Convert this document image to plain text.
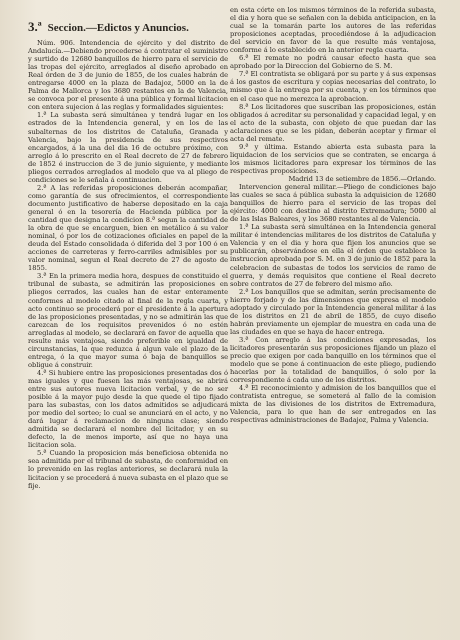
3.ª Seccion.—Edictos y Anuncios.

Núm. 906. Intendencia de ejército y del distrito de Andalucía.—Debiendo procederse á contratar el suministro y surtido de 12680 banquillos de hierro para el servicio de las tropas del ejército, arreglados al diseño aprobado en Real órden de 3 de junio de 1855, de los cuales habrán de entregarse 4000 en la plaza de Badajoz, 5000 en la de Palma de Mallorca y los 3680 restantes en la de Valencia, se convoca por el presente á una pública y formal licitacion con entera sujecion á las reglas y formalidades siguientes:

1.ª La subasta será simultánea y tendrá lugar en los estrados de la Intendencia general, y en los de las subalternas de los distritos de Cataluña, Granada y Valencia, bajo la presidencia de sus respectivos encargados, á la una del dia 16 de octubre próximo, con arreglo á lo prescrito en el Real decreto de 27 de febrero de 1852 é instruccion de 3 de junio siguiente, y mediante pliegos cerrados arreglados al modelo que va al pliego de condiciones se le señala á continuacion.

2.ª A las referidas proposiciones deberán acompañar, como garantía de sus ofrecimientos, el correspondiente documento justificativo de haberse depositado en la caja general ó en la tesorería de Hacienda pública por la cantidad que designa la condicion 8.ª segun la cantidad de la obra de que se encarguen, bien en metálico á su valor nominal, ó por los de cotizaciones oficiales en papel de la deuda del Estado consolidada ó diferida del 3 por 100 ó en acciones de carreteras y ferro-carriles admisibles por su valor nominal, segun el Real decreto de 27 de agosto de 1855.

3.ª En la primera media hora, despues de constituido el tribunal de subasta, se admitirán las proposiciones en pliegos cerrados, las cuales han de estar enteramente conformes al modelo citado al final de la regla cuarta, y acto continuo se procederá por el presidente á la apertura de las proposiciones presentadas, y no se admitirán las que carezcan de los requisitos prevenidos ó no estén arregladas al modelo, se declarará en favor de aquella que resulte más ventajosa, siendo preferible en igualdad de circunstancias, la que reduzca á algun vale el plazo de la entrega, ó la que mayor suma ó baja de banquillos se obligue á construir.

4.ª Si hubiere entre las proposiciones presentadas dos ó mas iguales y que fuesen las más ventajosas, se abrirá entre sus autores nueva licitacion verbal, y de no ser posible á la mayor pujo desde la que quede el tipo fijado para las subastas, con los datos admitidos se adjudicará por medio del sorteo; lo cual se anunciará en el acto, y no dará lugar á reclamacion de ninguna clase; siendo admitida se declarará el nombre del licitador, y en su defecto, la de menos importe, así que no haya una licitacion sola.

5.ª Cuando la proposicion más beneficiosa obtenida no sea admitida por el tribunal de subasta, de conformidad en lo prevenido en las reglas anteriores, se declarará nula la licitacion y se procederá á nueva subasta en el plazo que se fije.

en esta córte en los mismos términos de la referida subasta, el dia y hora que se señalen con la debida anticipacion, en la cual se la tomarán parte los autores de las referidas proposiciones aceptadas, procediéndose á la adjudicacion del servicio en favor de la que resulte más ventajosa, conforme á lo establecido en la anterior regla cuarta.

6.ª El remate no podrá causar efecto hasta que sea aprobado por la Direccion del Gobierno de S. M.

7.ª El contratista se obligará por su parte y á sus expensas á los gastos de escritura y copias necesarias del contrato, lo mismo que á la entrega por su cuenta, y en los términos que en el caso que no merezca la aprobacion.

8.ª Los licitadores que suscriban las proposiciones, están obligados á acreditar su personalidad y capacidad legal, y en el acto de la subasta, con objeto de que puedan dar las aclaraciones que se les pidan, deberán aceptar y firmar el acta del remate.

9.ª y última. Estando abierta esta subasta para la liquidacion de los servicios que se contraten, se encarga á los mismos licitadores para expresar los términos de las respectivas proposiciones.

Madrid 13 de setiembre de 1856.—Orlando.

Intervencion general militar.—Pliego de condiciones bajo las cuales se saca á pública subasta la adquisicion de 12680 banquillos de hierro para el servicio de las tropas del ejército: 4000 con destino al distrito Extremadura; 5000 al de las Islas Baleares, y los 3680 restantes al de Valencia.

1.ª La subasta será simultánea en la Intendencia general militar é intendencias militares de los distritos de Cataluña y Valencia y en el dia y hora que fijen los anuncios que se publicarán, observándose en ella el órden que establece la instruccion aprobada por S. M. en 3 de junio de 1852 para la celebracion de subastas de todos los servicios de ramo de guerra, y demás requisitos que contiene el Real decreto sobre contratos de 27 de febrero del mismo año.

2.ª Los banquillos que se admitan, serán precisamente de hierro forjado y de las dimensiones que expresa el modelo adoptado y circulado por la Intendencia general militar á las de los distritos en 21 de abril de 1855, de cuyo diseño habrán previamente un ejemplar de muestra en cada una de las ciudades en que se haya de hacer entrega.

3.ª Con arreglo á las condiciones expresadas, los licitadores presentarán sus proposiciones fijando un plazo el precio que exigen por cada banquillo en los términos que el modelo que se pone á continuacion de este pliego, pudiendo hacerlas por la totalidad de banquillos, ó solo por la correspondiente á cada uno de los distritos.

4.ª El reconocimiento y admision de los banquillos que el contratista entregue, se someterá al fallo de la comision mixta de las divisiones de los distritos de Extremadura, Valencia, para lo que han de ser entregados en las respectivas administraciones de Badajoz, Palma y Valencia.
